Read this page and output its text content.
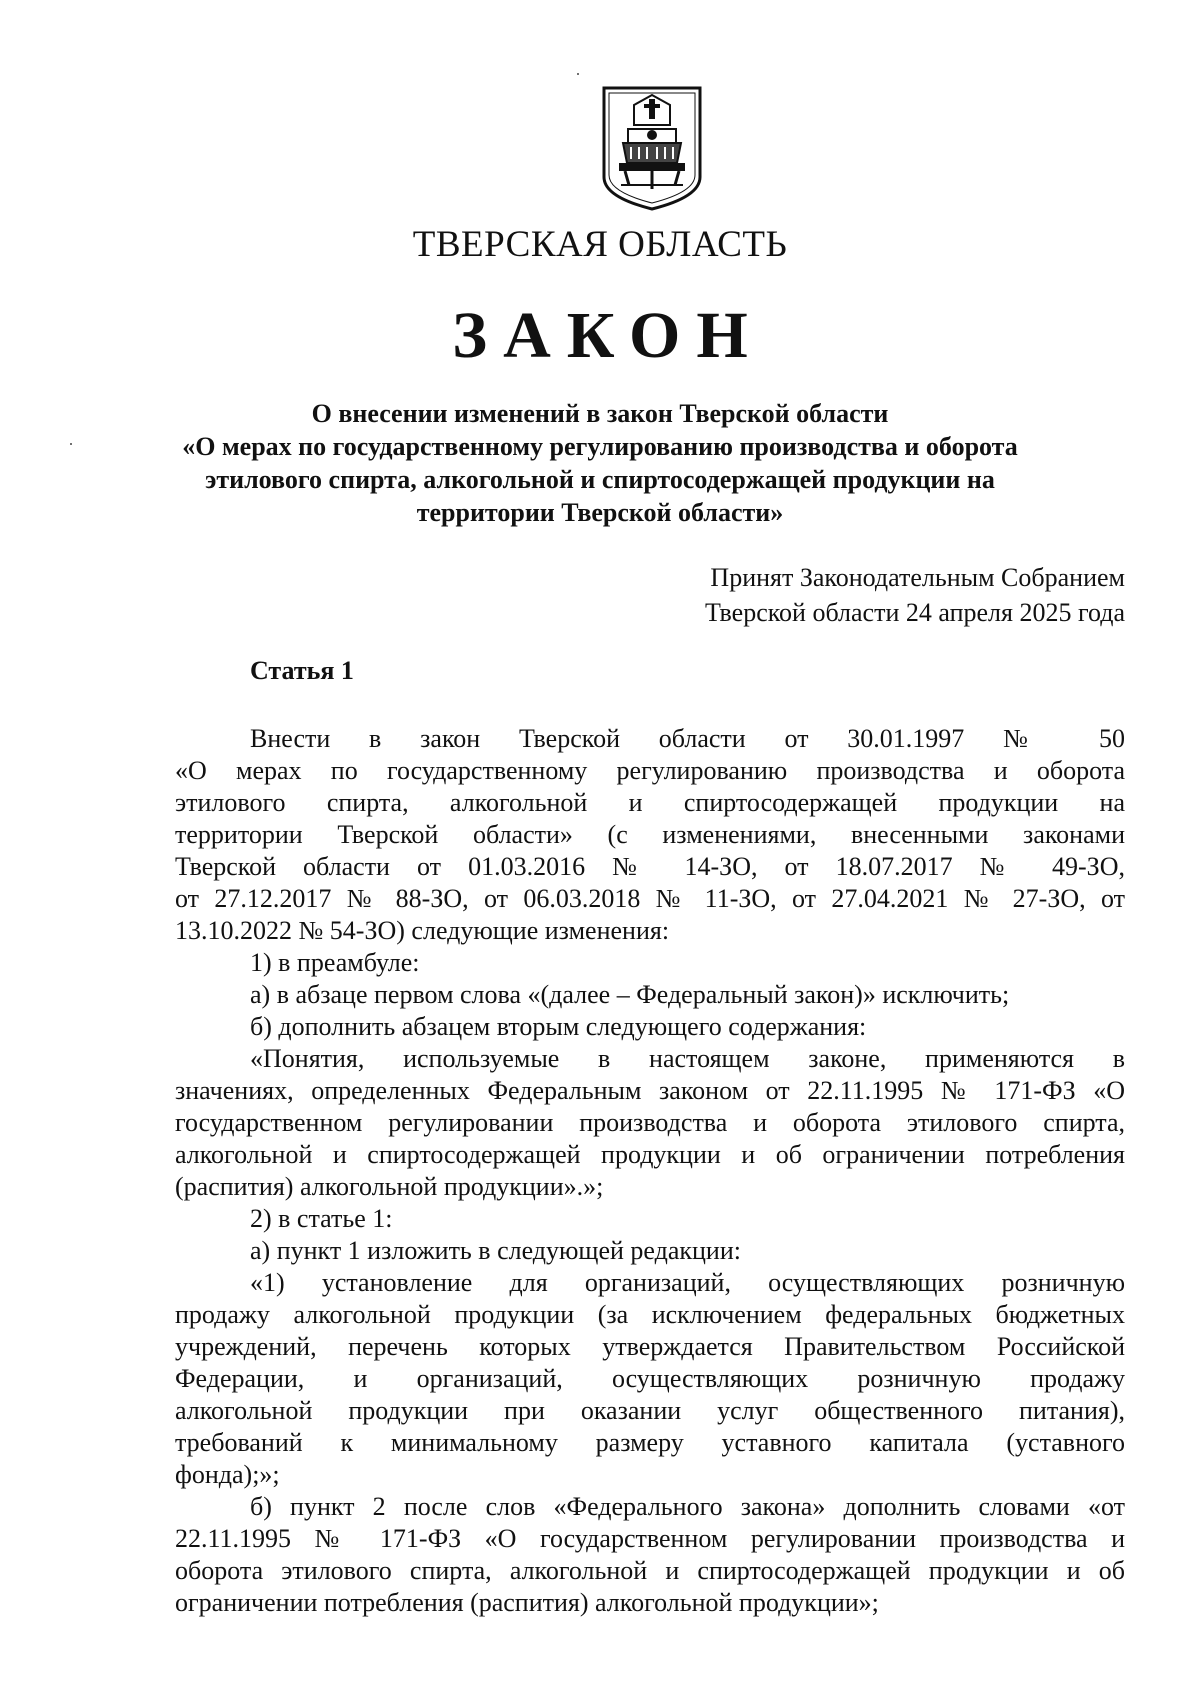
ТВЕРСКАЯ ОБЛАСТЬ
ЗАКОН
О внесении изменений в закон Тверской области
«О мерах по государственному регулированию производства и оборота
этилового спирта, алкогольной и спиртосодержащей продукции на
территории Тверской области»
Принят Законодательным Собранием
Тверской области 24 апреля 2025 года
Статья 1
Внести в закон Тверской области от 30.01.1997 № 50
«О мерах по государственному регулированию производства и оборота
этилового спирта, алкогольной и спиртосодержащей продукции на
территории Тверской области» (с изменениями, внесенными законами
Тверской области от 01.03.2016 № 14-ЗО, от 18.07.2017 № 49-ЗО,
от 27.12.2017 № 88-ЗО, от 06.03.2018 № 11-ЗО, от 27.04.2021 № 27-ЗО, от
13.10.2022 № 54-ЗО) следующие изменения:
1) в преамбуле:
а) в абзаце первом слова «(далее – Федеральный закон)» исключить;
б) дополнить абзацем вторым следующего содержания:
«Понятия, используемые в настоящем законе, применяются в
значениях, определенных Федеральным законом от 22.11.1995 № 171-ФЗ «О
государственном регулировании производства и оборота этилового спирта,
алкогольной и спиртосодержащей продукции и об ограничении потребления
(распития) алкогольной продукции».»;
2) в статье 1:
а) пункт 1 изложить в следующей редакции:
«1) установление для организаций, осуществляющих розничную
продажу алкогольной продукции (за исключением федеральных бюджетных
учреждений, перечень которых утверждается Правительством Российской
Федерации, и организаций, осуществляющих розничную продажу
алкогольной продукции при оказании услуг общественного питания),
требований к минимальному размеру уставного капитала (уставного
фонда);»;
б) пункт 2 после слов «Федерального закона» дополнить словами «от
22.11.1995 № 171-ФЗ «О государственном регулировании производства и
оборота этилового спирта, алкогольной и спиртосодержащей продукции и об
ограничении потребления (распития) алкогольной продукции»;
